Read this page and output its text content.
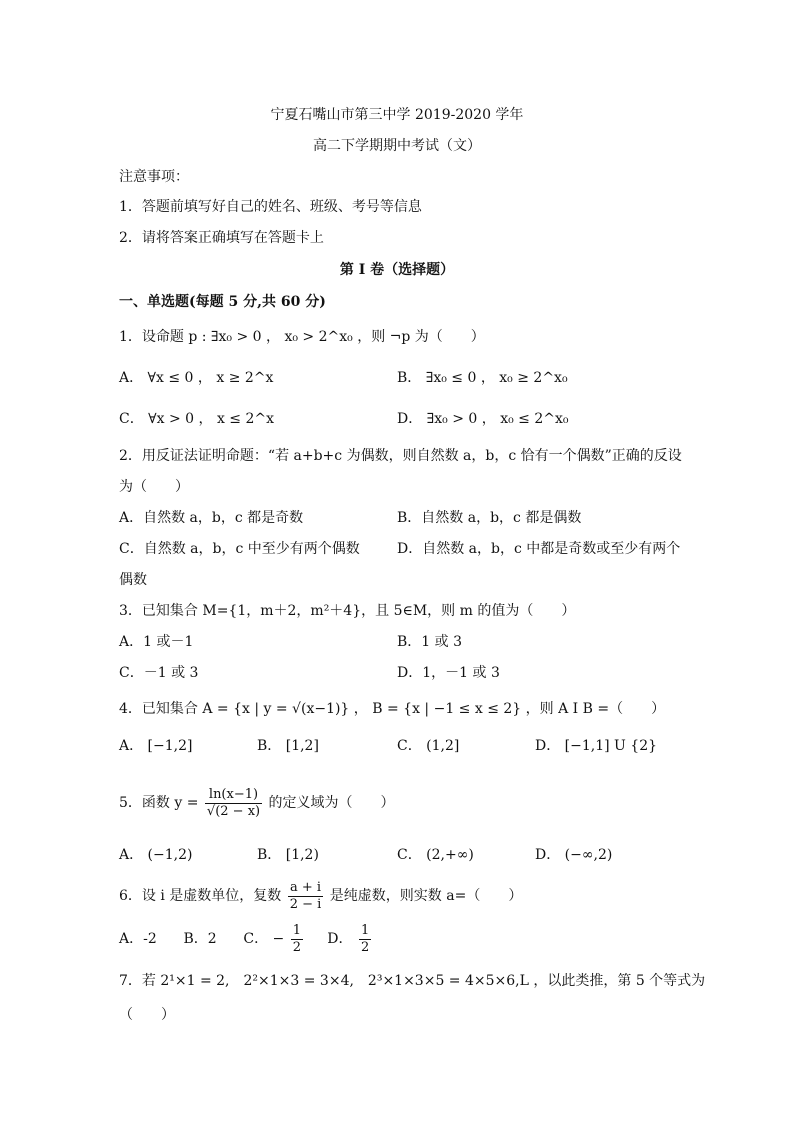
宁夏石嘴山市第三中学 2019-2020 学年
高二下学期期中考试（文）
注意事项：
1．答题前填写好自己的姓名、班级、考号等信息
2．请将答案正确填写在答题卡上
第 I 卷（选择题）
一、单选题(每题 5 分,共 60 分)
1．设命题 p : ∃x₀ > 0 ， x₀ > 2^x₀ ，则 ¬p 为（　　）
A． ∀x ≤ 0 ， x ≥ 2^x	B． ∃x₀ ≤ 0 ， x₀ ≥ 2^x₀
C． ∀x > 0 ， x ≤ 2^x	D． ∃x₀ > 0 ， x₀ ≤ 2^x₀
2．用反证法证明命题：“若 a+b+c 为偶数，则自然数 a，b，c 恰有一个偶数”正确的反设
为（　　）
A．自然数 a，b，c 都是奇数	B．自然数 a，b，c 都是偶数
C．自然数 a，b，c 中至少有两个偶数	D．自然数 a，b，c 中都是奇数或至少有两个
偶数
3．已知集合 M={1，m＋2，m²＋4}，且 5∈M，则 m 的值为（　　）
A．1 或－1	B．1 或 3
C．－1 或 3	D．1，－1 或 3
4．已知集合 A = {x | y = √(x−1)} ， B = {x | −1 ≤ x ≤ 2} ，则 A I B =（　　）
A． [−1,2]	B． [1,2]	C． (1,2]	D． [−1,1] U {2}
5．函数 $y = \frac{\ln(x-1)}{√(2 - x)}$ 的定义域为（　　）
A． (−1,2)	B． [1,2)	C． (2,+∞)	D． (−∞,2)
6．设 i 是虚数单位，复数 $\frac{a + i}{2 - i}$ 是纯虚数，则实数 a=（　　）
A．-2 B．2 C． − $\frac{1}{2}$ D． $\frac{1}{2}$
7．若 2¹×1 = 2,　2²×1×3 = 3×4,　2³×1×3×5 = 4×5×6,L ，以此类推，第 5 个等式为
（　　）
